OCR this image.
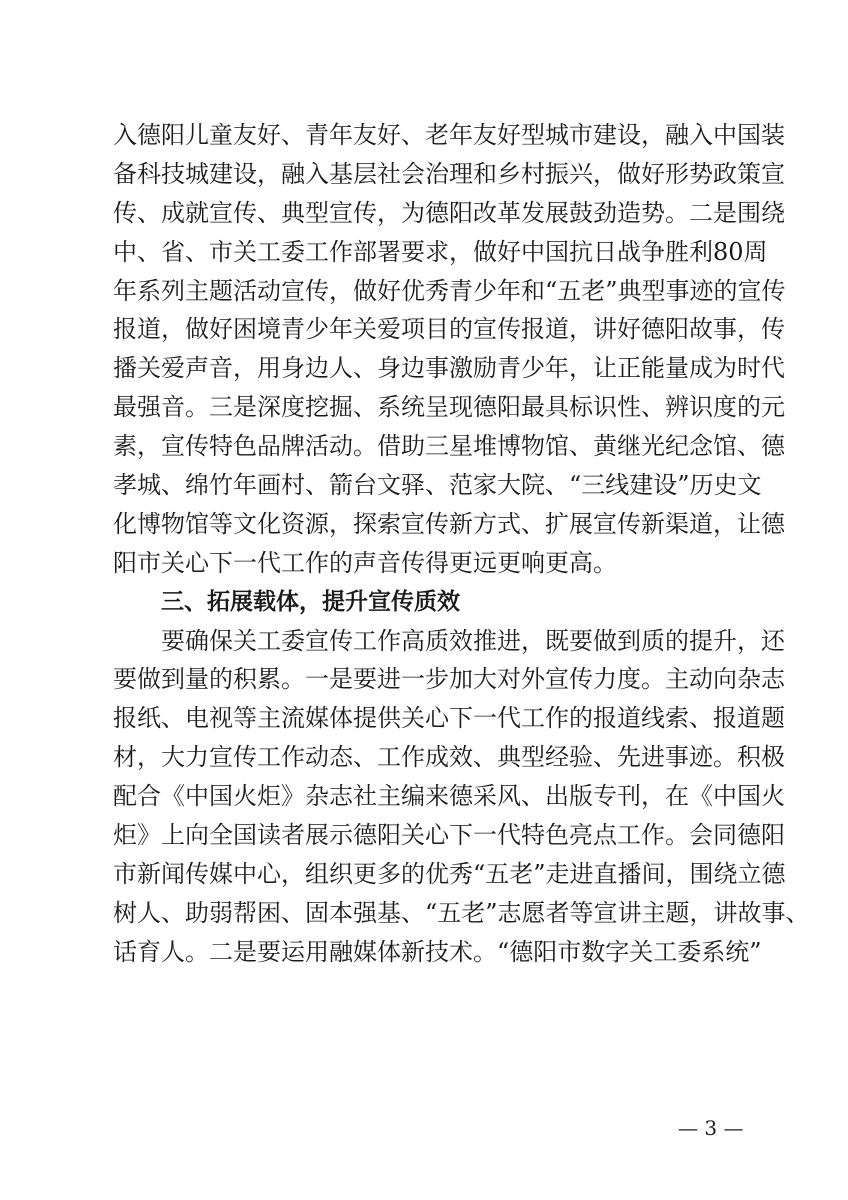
入德阳儿童友好、青年友好、老年友好型城市建设，融入中国装
备科技城建设，融入基层社会治理和乡村振兴，做好形势政策宣
传、成就宣传、典型宣传，为德阳改革发展鼓劲造势。二是围绕
中、省、市关工委工作部署要求，做好中国抗日战争胜利80周
年系列主题活动宣传，做好优秀青少年和“五老”典型事迹的宣传
报道，做好困境青少年关爱项目的宣传报道，讲好德阳故事，传
播关爱声音，用身边人、身边事激励青少年，让正能量成为时代
最强音。三是深度挖掘、系统呈现德阳最具标识性、辨识度的元
素，宣传特色品牌活动。借助三星堆博物馆、黄继光纪念馆、德
孝城、绵竹年画村、箭台文驿、范家大院、“三线建设”历史文
化博物馆等文化资源，探索宣传新方式、扩展宣传新渠道，让德
阳市关心下一代工作的声音传得更远更响更高。
三、拓展载体，提升宣传质效
要确保关工委宣传工作高质效推进，既要做到质的提升，还
要做到量的积累。一是要进一步加大对外宣传力度。主动向杂志
报纸、电视等主流媒体提供关心下一代工作的报道线索、报道题
材，大力宣传工作动态、工作成效、典型经验、先进事迹。积极
配合《中国火炬》杂志社主编来德采风、出版专刊，在《中国火
炬》上向全国读者展示德阳关心下一代特色亮点工作。会同德阳
市新闻传媒中心，组织更多的优秀“五老”走进直播间，围绕立德
树人、助弱帮困、固本强基、“五老”志愿者等宣讲主题，讲故事、
话育人。二是要运用融媒体新技术。“德阳市数字关工委系统”
— 3 —
